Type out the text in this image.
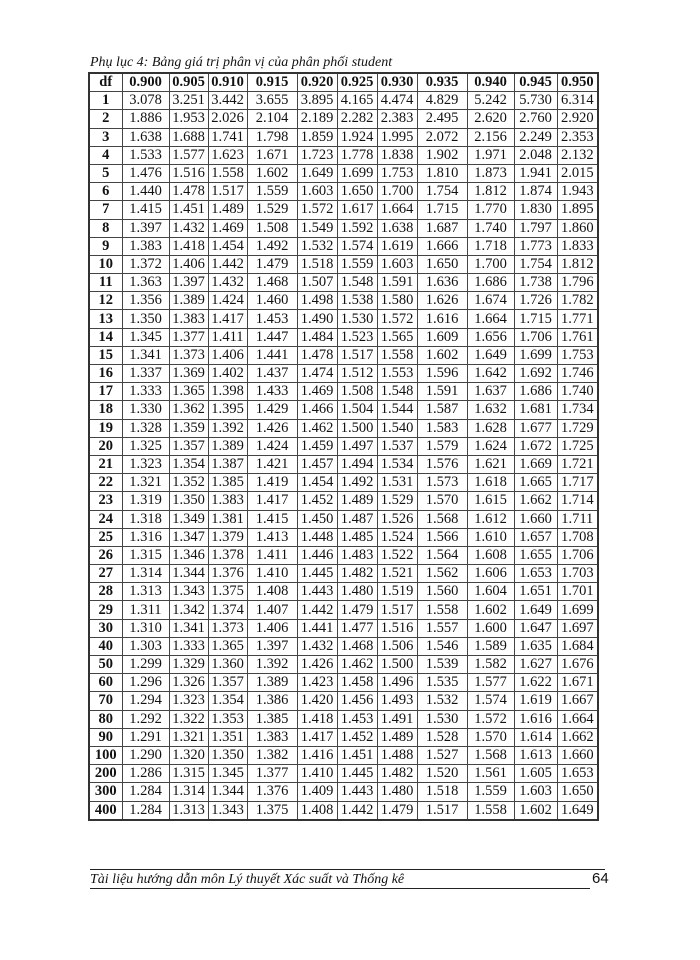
Phụ lục 4: Bảng giá trị phân vị của phân phối student
df	0.900	0.905	0.910	0.915	0.920	0.925	0.930	0.935	0.940	0.945	0.950
1	3.078	3.251	3.442	3.655	3.895	4.165	4.474	4.829	5.242	5.730	6.314
2	1.886	1.953	2.026	2.104	2.189	2.282	2.383	2.495	2.620	2.760	2.920
3	1.638	1.688	1.741	1.798	1.859	1.924	1.995	2.072	2.156	2.249	2.353
4	1.533	1.577	1.623	1.671	1.723	1.778	1.838	1.902	1.971	2.048	2.132
5	1.476	1.516	1.558	1.602	1.649	1.699	1.753	1.810	1.873	1.941	2.015
6	1.440	1.478	1.517	1.559	1.603	1.650	1.700	1.754	1.812	1.874	1.943
7	1.415	1.451	1.489	1.529	1.572	1.617	1.664	1.715	1.770	1.830	1.895
8	1.397	1.432	1.469	1.508	1.549	1.592	1.638	1.687	1.740	1.797	1.860
9	1.383	1.418	1.454	1.492	1.532	1.574	1.619	1.666	1.718	1.773	1.833
10	1.372	1.406	1.442	1.479	1.518	1.559	1.603	1.650	1.700	1.754	1.812
11	1.363	1.397	1.432	1.468	1.507	1.548	1.591	1.636	1.686	1.738	1.796
12	1.356	1.389	1.424	1.460	1.498	1.538	1.580	1.626	1.674	1.726	1.782
13	1.350	1.383	1.417	1.453	1.490	1.530	1.572	1.616	1.664	1.715	1.771
14	1.345	1.377	1.411	1.447	1.484	1.523	1.565	1.609	1.656	1.706	1.761
15	1.341	1.373	1.406	1.441	1.478	1.517	1.558	1.602	1.649	1.699	1.753
16	1.337	1.369	1.402	1.437	1.474	1.512	1.553	1.596	1.642	1.692	1.746
17	1.333	1.365	1.398	1.433	1.469	1.508	1.548	1.591	1.637	1.686	1.740
18	1.330	1.362	1.395	1.429	1.466	1.504	1.544	1.587	1.632	1.681	1.734
19	1.328	1.359	1.392	1.426	1.462	1.500	1.540	1.583	1.628	1.677	1.729
20	1.325	1.357	1.389	1.424	1.459	1.497	1.537	1.579	1.624	1.672	1.725
21	1.323	1.354	1.387	1.421	1.457	1.494	1.534	1.576	1.621	1.669	1.721
22	1.321	1.352	1.385	1.419	1.454	1.492	1.531	1.573	1.618	1.665	1.717
23	1.319	1.350	1.383	1.417	1.452	1.489	1.529	1.570	1.615	1.662	1.714
24	1.318	1.349	1.381	1.415	1.450	1.487	1.526	1.568	1.612	1.660	1.711
25	1.316	1.347	1.379	1.413	1.448	1.485	1.524	1.566	1.610	1.657	1.708
26	1.315	1.346	1.378	1.411	1.446	1.483	1.522	1.564	1.608	1.655	1.706
27	1.314	1.344	1.376	1.410	1.445	1.482	1.521	1.562	1.606	1.653	1.703
28	1.313	1.343	1.375	1.408	1.443	1.480	1.519	1.560	1.604	1.651	1.701
29	1.311	1.342	1.374	1.407	1.442	1.479	1.517	1.558	1.602	1.649	1.699
30	1.310	1.341	1.373	1.406	1.441	1.477	1.516	1.557	1.600	1.647	1.697
40	1.303	1.333	1.365	1.397	1.432	1.468	1.506	1.546	1.589	1.635	1.684
50	1.299	1.329	1.360	1.392	1.426	1.462	1.500	1.539	1.582	1.627	1.676
60	1.296	1.326	1.357	1.389	1.423	1.458	1.496	1.535	1.577	1.622	1.671
70	1.294	1.323	1.354	1.386	1.420	1.456	1.493	1.532	1.574	1.619	1.667
80	1.292	1.322	1.353	1.385	1.418	1.453	1.491	1.530	1.572	1.616	1.664
90	1.291	1.321	1.351	1.383	1.417	1.452	1.489	1.528	1.570	1.614	1.662
100	1.290	1.320	1.350	1.382	1.416	1.451	1.488	1.527	1.568	1.613	1.660
200	1.286	1.315	1.345	1.377	1.410	1.445	1.482	1.520	1.561	1.605	1.653
300	1.284	1.314	1.344	1.376	1.409	1.443	1.480	1.518	1.559	1.603	1.650
400	1.284	1.313	1.343	1.375	1.408	1.442	1.479	1.517	1.558	1.602	1.649
Tài liệu hướng dẫn môn Lý thuyết Xác suất và Thống kê	64
